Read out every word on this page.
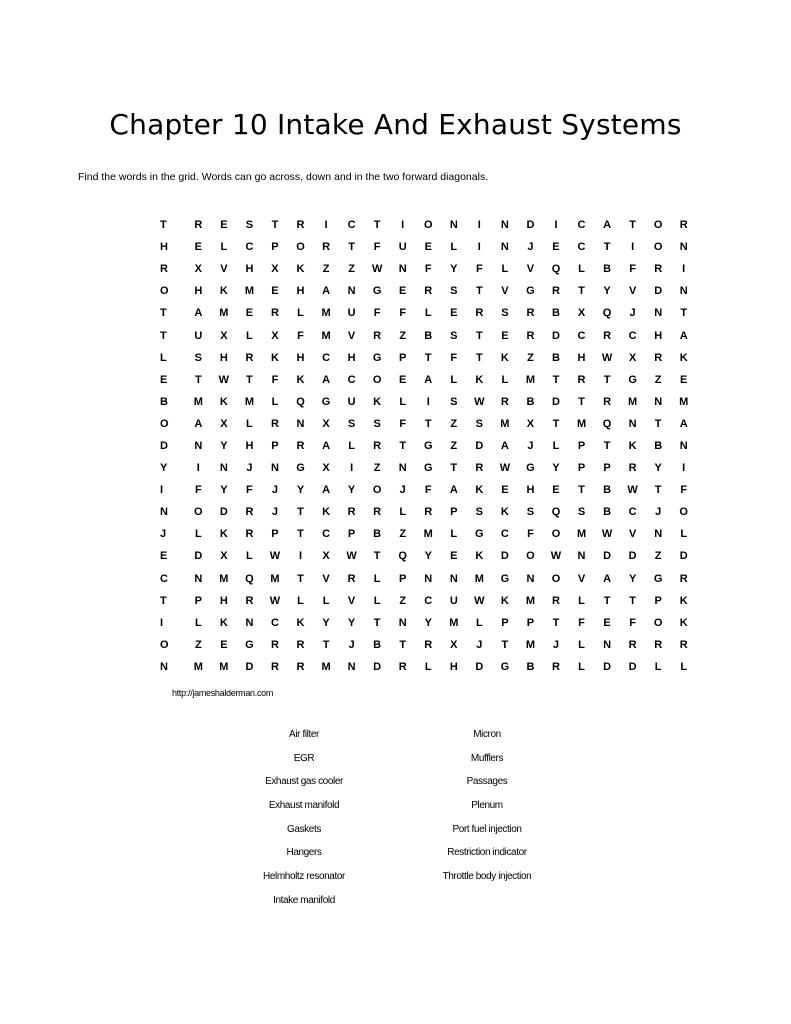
Chapter 10 Intake And Exhaust Systems

Find the words in the grid. Words can go across, down and in the two forward diagonals.

T	R	E	S	T	R	I	C	T	I	O	N	I	N	D	I	C	A	T	O	R
H	E	L	C	P	O	R	T	F	U	E	L	I	N	J	E	C	T	I	O	N
R	X	V	H	X	K	Z	Z	W	N	F	Y	F	L	V	Q	L	B	F	R	I
O	H	K	M	E	H	A	N	G	E	R	S	T	V	G	R	T	Y	V	D	N
T	A	M	E	R	L	M	U	F	F	L	E	R	S	R	B	X	Q	J	N	T
T	U	X	L	X	F	M	V	R	Z	B	S	T	E	R	D	C	R	C	H	A
L	S	H	R	K	H	C	H	G	P	T	F	T	K	Z	B	H	W	X	R	K
E	T	W	T	F	K	A	C	O	E	A	L	K	L	M	T	R	T	G	Z	E
B	M	K	M	L	Q	G	U	K	L	I	S	W	R	B	D	T	R	M	N	M
O	A	X	L	R	N	X	S	S	F	T	Z	S	M	X	T	M	Q	N	T	A
D	N	Y	H	P	R	A	L	R	T	G	Z	D	A	J	L	P	T	K	B	N
Y	I	N	J	N	G	X	I	Z	N	G	T	R	W	G	Y	P	P	R	Y	I
I	F	Y	F	J	Y	A	Y	O	J	F	A	K	E	H	E	T	B	W	T	F
N	O	D	R	J	T	K	R	R	L	R	P	S	K	S	Q	S	B	C	J	O
J	L	K	R	P	T	C	P	B	Z	M	L	G	C	F	O	M	W	V	N	L
E	D	X	L	W	I	X	W	T	Q	Y	E	K	D	O	W	N	D	D	Z	D
C	N	M	Q	M	T	V	R	L	P	N	N	M	G	N	O	V	A	Y	G	R
T	P	H	R	W	L	L	V	L	Z	C	U	W	K	M	R	L	T	T	P	K
I	L	K	N	C	K	Y	Y	T	N	Y	M	L	P	P	T	F	E	F	O	K
O	Z	E	G	R	R	T	J	B	T	R	X	J	T	M	J	L	N	R	R	R
N	M	M	D	R	R	M	N	D	R	L	H	D	G	B	R	L	D	D	L	L

http://jameshalderman.com

Air filter
EGR
Exhaust gas cooler
Exhaust manifold
Gaskets
Hangers
Helmholtz resonator
Intake manifold
Micron
Mufflers
Passages
Plenum
Port fuel injection
Restriction indicator
Throttle body injection
